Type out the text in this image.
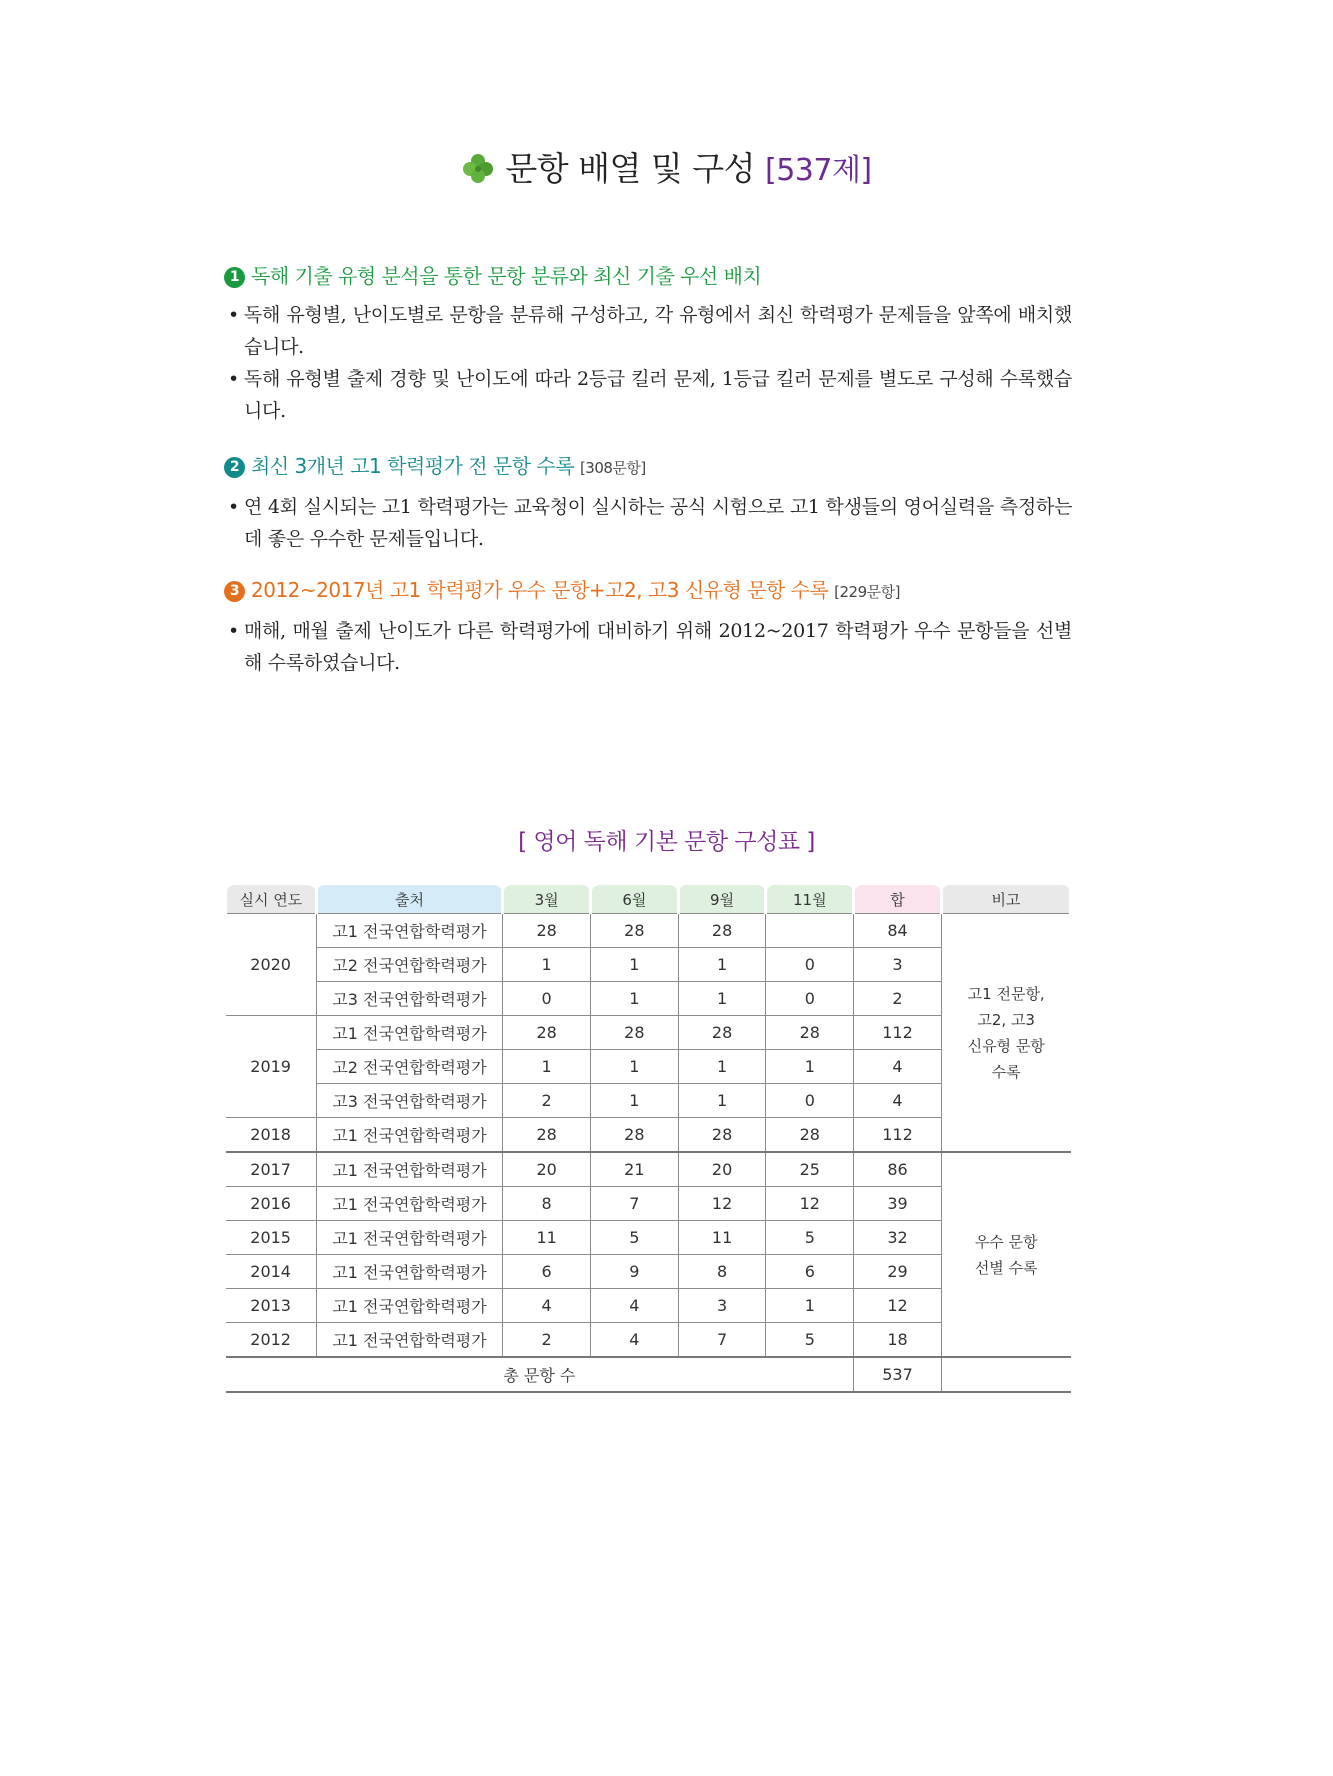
문항 배열 및 구성 [537제]
1 독해 기출 유형 분석을 통한 문항 분류와 최신 기출 우선 배치
• 독해 유형별, 난이도별로 문항을 분류해 구성하고, 각 유형에서 최신 학력평가 문제들을 앞쪽에 배치했습니다.
• 독해 유형별 출제 경향 및 난이도에 따라 2등급 킬러 문제, 1등급 킬러 문제를 별도로 구성해 수록했습니다.
2 최신 3개년 고1 학력평가 전 문항 수록 [308문항]
• 연 4회 실시되는 고1 학력평가는 교육청이 실시하는 공식 시험으로 고1 학생들의 영어실력을 측정하는 데 좋은 우수한 문제들입니다.
3 2012~2017년 고1 학력평가 우수 문항+고2, 고3 신유형 문항 수록 [229문항]
• 매해, 매월 출제 난이도가 다른 학력평가에 대비하기 위해 2012~2017 학력평가 우수 문항들을 선별해 수록하였습니다.
[ 영어 독해 기본 문항 구성표 ]
실시 연도	출처	3월	6월	9월	11월	합	비고
2020	고1 전국연합학력평가	28	28	28		84	고1 전문항,
고2, 고3
신유형 문항
수록

	고2 전국연합학력평가	1	1	1	0	3	
	고3 전국연합학력평가	0	1	1	0	2	
2019	고1 전국연합학력평가	28	28	28	28	112	
	고2 전국연합학력평가	1	1	1	1	4	
	고3 전국연합학력평가	2	1	1	0	4	
2018	고1 전국연합학력평가	28	28	28	28	112	
2017	고1 전국연합학력평가	20	21	20	25	86	우수 문항
선별 수록

2016	고1 전국연합학력평가	8	7	12	12	39	
2015	고1 전국연합학력평가	11	5	11	5	32	
2014	고1 전국연합학력평가	6	9	8	6	29	
2013	고1 전국연합학력평가	4	4	3	1	12	
2012	고1 전국연합학력평가	2	4	7	5	18	
총 문항 수						537	
